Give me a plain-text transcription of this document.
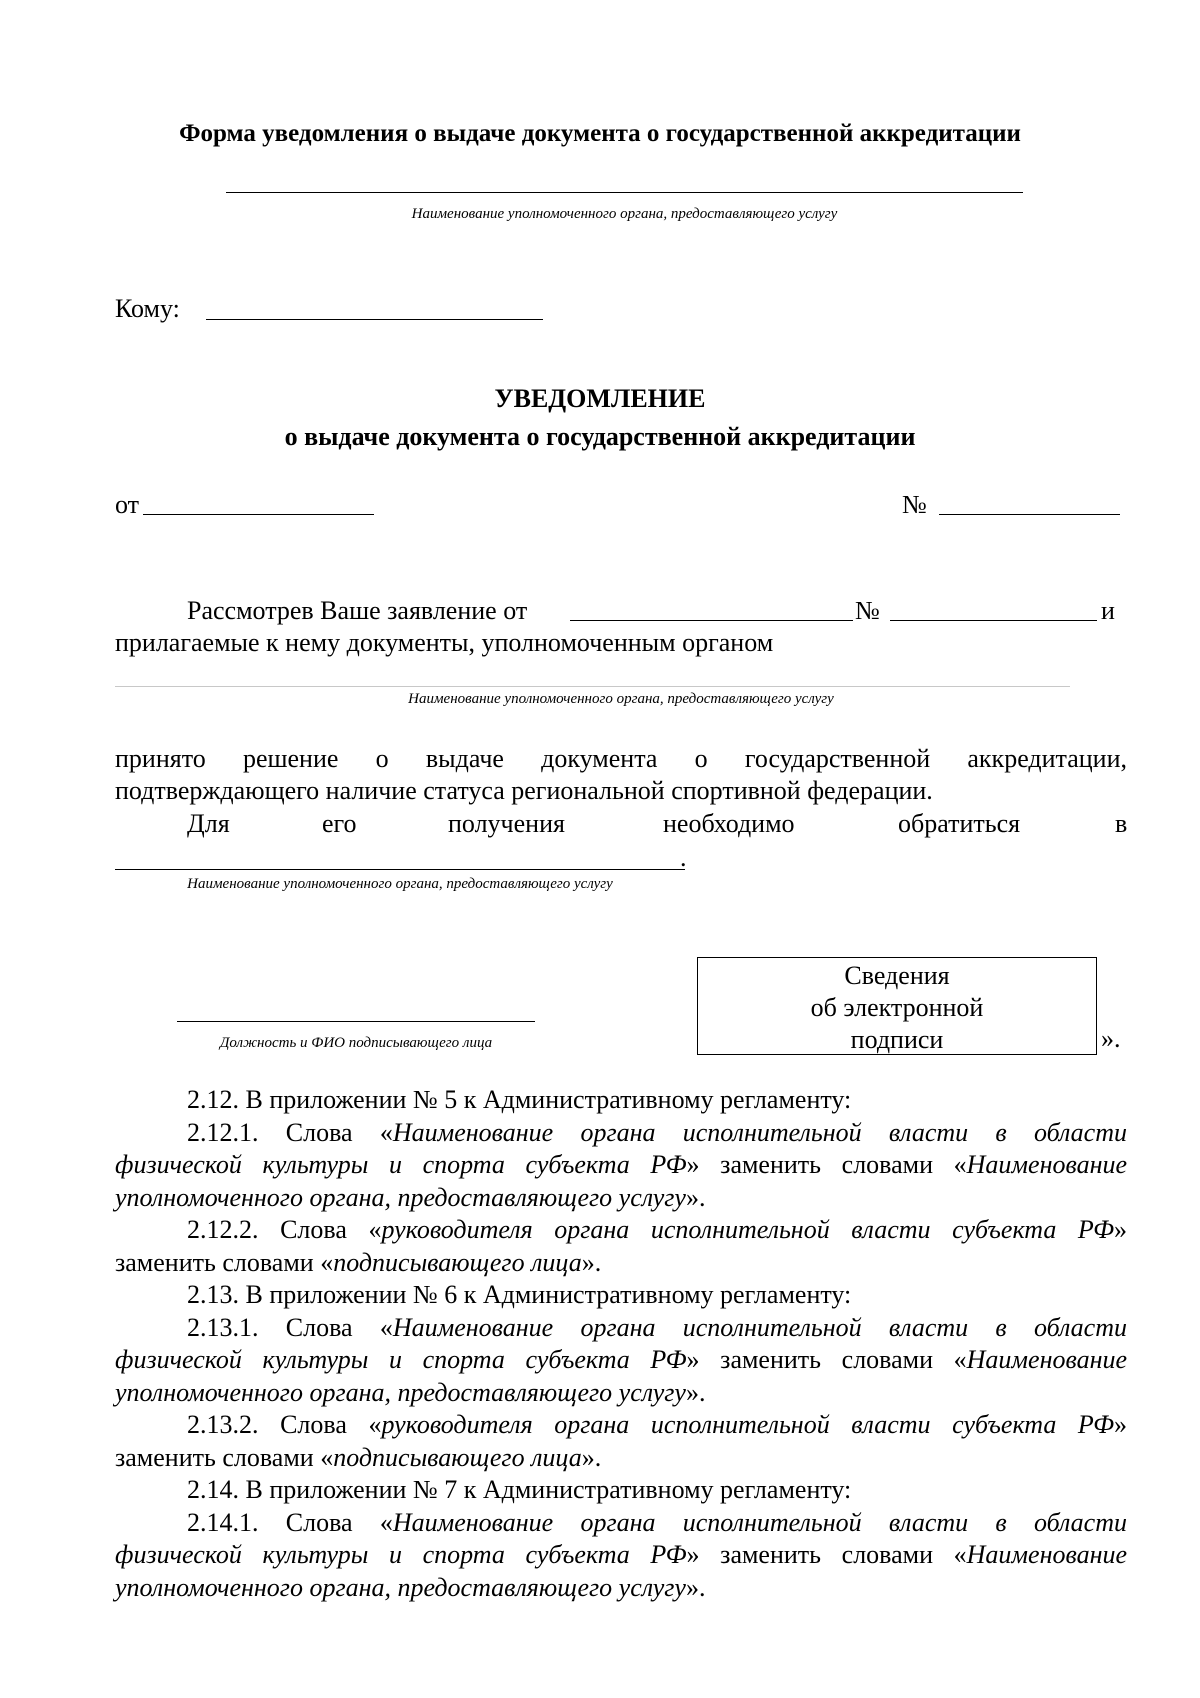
Форма уведомления о выдаче документа о государственной аккредитации
Наименование уполномоченного органа, предоставляющего услугу
Кому:
УВЕДОМЛЕНИЕ
о выдаче документа о государственной аккредитации
от	№
Рассмотрев Ваше заявление от	№	и
прилагаемые к нему документы, уполномоченным органом
Наименование уполномоченного органа, предоставляющего услугу
принято решение о выдаче документа о государственной аккредитации,
подтверждающего наличие статуса региональной спортивной федерации.
Для	его	получения	необходимо	обратиться	в
.
Наименование уполномоченного органа, предоставляющего услугу
Должность и ФИО подписывающего лица
Сведения
об электронной
подписи	».

2.12. В приложении № 5 к Административному регламенту:

2.12.1. Слова «Наименование органа исполнительной власти в области

физической культуры и спорта субъекта РФ» заменить словами «Наименование

уполномоченного органа, предоставляющего услугу».

2.12.2. Слова «руководителя органа исполнительной власти субъекта РФ»

заменить словами «подписывающего лица».

2.13. В приложении № 6 к Административному регламенту:

2.13.1. Слова «Наименование органа исполнительной власти в области

физической культуры и спорта субъекта РФ» заменить словами «Наименование

уполномоченного органа, предоставляющего услугу».

2.13.2. Слова «руководителя органа исполнительной власти субъекта РФ»

заменить словами «подписывающего лица».

2.14. В приложении № 7 к Административному регламенту:

2.14.1. Слова «Наименование органа исполнительной власти в области

физической культуры и спорта субъекта РФ» заменить словами «Наименование

уполномоченного органа, предоставляющего услугу».
